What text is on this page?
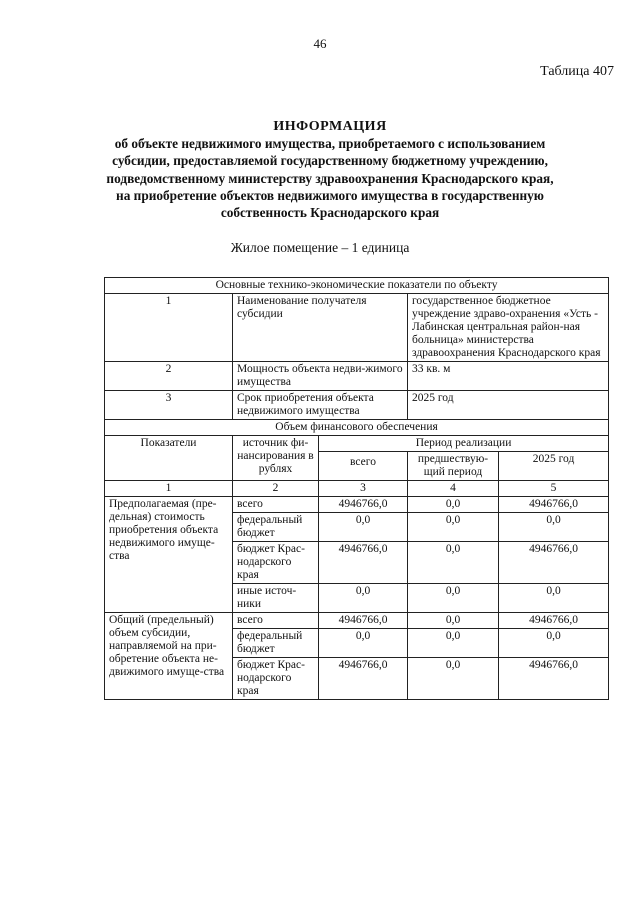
46
Таблица 407
ИНФОРМАЦИЯ
об объекте недвижимого имущества, приобретаемого с использованием
субсидии, предоставляемой государственному бюджетному учреждению,
подведомственному министерству здравоохранения Краснодарского края,
на приобретение объектов недвижимого имущества в государственную
собственность Краснодарского края
Жилое помещение – 1 единица
Основные технико-экономические показатели по объекту				
1	Наименование получателя субсидии		государственное бюджетное учреждение здраво-охранения «Усть - Лабинская центральная район-ная больница» министерства здравоохранения Краснодарского края	
2	Мощность объекта недви-жимого имущества		33 кв. м	
3	Срок приобретения объекта недвижимого имущества		2025 год	
Объем финансового обеспечения				
Показатели	источник фи-нансирования в рублях	Период реализации		
		всего	предшествую-щий период	2025 год
1	2	3	4	5
Предполагаемая (пре-дельная) стоимость приобретения объекта недвижимого имуще-ства	всего	4946766,0	0,0	4946766,0
	федеральный бюджет	0,0	0,0	0,0
	бюджет Крас-нодарского края	4946766,0	0,0	4946766,0
	иные источ-ники	0,0	0,0	0,0
Общий (предельный) объем субсидии, направляемой на при-обретение объекта не-движимого имуще-ства	всего	4946766,0	0,0	4946766,0
	федеральный бюджет	0,0	0,0	0,0
	бюджет Крас-нодарского края	4946766,0	0,0	4946766,0
